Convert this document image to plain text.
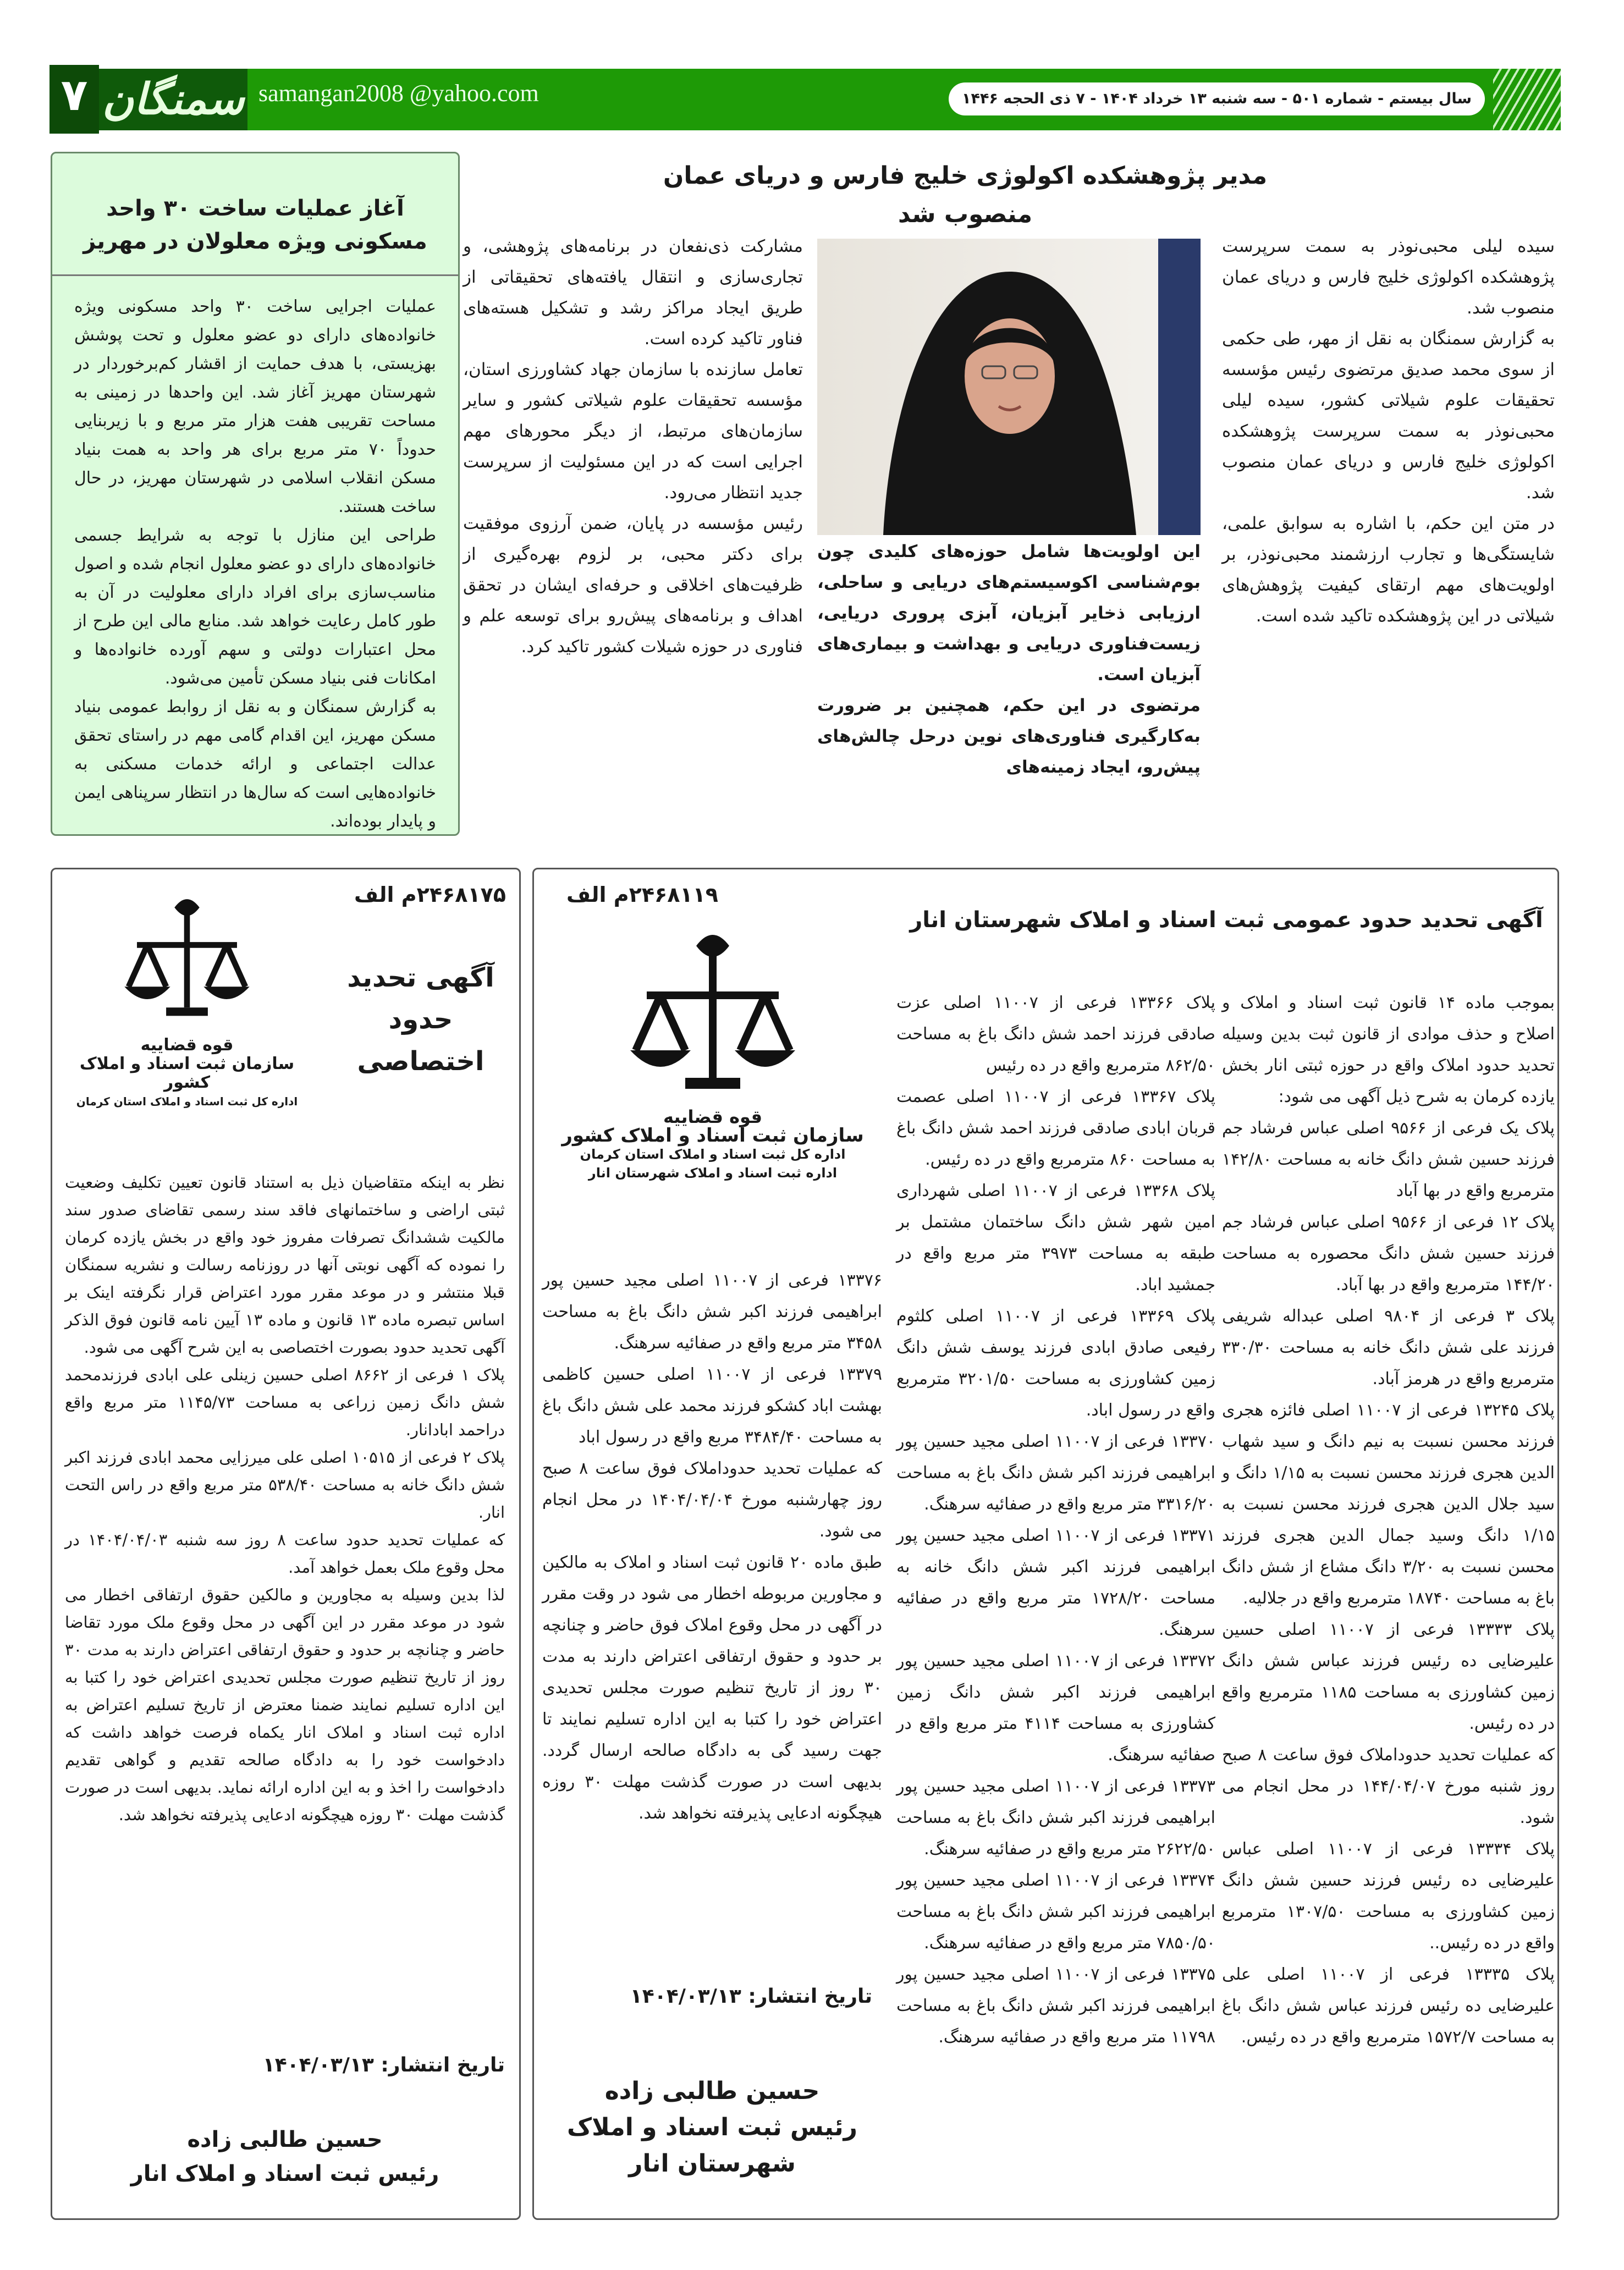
۷ سمنگان samangan2008 @yahoo.com	سال بیستم - شماره ۵۰۱ - سه شنبه ۱۳ خرداد ۱۴۰۴ - ۷ ذی الحجه ۱۴۴۶
مدیر پژوهشکده اکولوژی خلیج فارس و دریای عمان منصوب شد

سیده لیلی محبی‌نوذر به سمت سرپرست پژوهشکده اکولوژی خلیج فارس و دریای عمان منصوب شد.

به گزارش سمنگان به نقل از مهر، طی حکمی از سوی محمد صدیق مرتضوی رئیس مؤسسه تحقیقات علوم شیلاتی کشور، سیده لیلی محبی‌نوذر به سمت سرپرست پژوهشکده اکولوژی خلیج فارس و دریای عمان منصوب شد.

در متن این حکم، با اشاره به سوابق علمی، شایستگی‌ها و تجارب ارزشمند محبی‌نوذر، بر اولویت‌های مهم ارتقای کیفیت پژوهش‌های شیلاتی در این پژوهشکده تاکید شده است.

این اولویت‌ها شامل حوزه‌های کلیدی چون بوم‌شناسی اکوسیستم‌های دریایی و ساحلی، ارزیابی ذخایر آبزیان، آبزی پروری دریایی، زیست‌فناوری دریایی و بهداشت و بیماری‌های آبزیان است.

مرتضوی در این حکم، همچنین بر ضرورت به‌کارگیری فناوری‌های نوین درحل چالش‌های پیش‌رو، ایجاد زمینه‌های

مشارکت ذی‌نفعان در برنامه‌های پژوهشی، و تجاری‌سازی و انتقال یافته‌های تحقیقاتی از طریق ایجاد مراکز رشد و تشکیل هسته‌های فناور تاکید کرده است.

تعامل سازنده با سازمان جهاد کشاورزی استان، مؤسسه تحقیقات علوم شیلاتی کشور و سایر سازمان‌های مرتبط، از دیگر محورهای مهم اجرایی است که در این مسئولیت از سرپرست جدید انتظار می‌رود.

رئیس مؤسسه در پایان، ضمن آرزوی موفقیت برای دکتر محبی، بر لزوم بهره‌گیری از ظرفیت‌های اخلاقی و حرفه‌ای ایشان در تحقق اهداف و برنامه‌های پیش‌رو برای توسعه علم و فناوری در حوزه شیلات کشور تاکید کرد.

آغاز عملیات ساخت ۳۰ واحد مسکونی ویژه معلولان در مهریز

عملیات اجرایی ساخت ۳۰ واحد مسکونی ویژه خانواده‌های دارای دو عضو معلول و تحت پوشش بهزیستی، با هدف حمایت از اقشار کم‌برخوردار در شهرستان مهریز آغاز شد. این واحدها در زمینی به مساحت تقریبی هفت هزار متر مربع و با زیربنایی حدوداً ۷۰ متر مربع برای هر واحد به همت بنیاد مسکن انقلاب اسلامی در شهرستان مهریز، در حال ساخت هستند.

طراحی این منازل با توجه به شرایط جسمی خانواده‌های دارای دو عضو معلول انجام شده و اصول مناسب‌سازی برای افراد دارای معلولیت در آن به طور کامل رعایت خواهد شد. منابع مالی این طرح از محل اعتبارات دولتی و سهم آورده خانواده‌ها و امکانات فنی بنیاد مسکن تأمین می‌شود.

به گزارش سمنگان و به نقل از روابط عمومی بنیاد مسکن مهریز، این اقدام گامی مهم در راستای تحقق عدالت اجتماعی و ارائه خدمات مسکنی به خانواده‌هایی است که سال‌ها در انتظار سرپناهی ایمن و پایدار بوده‌اند.

آگهی تحدید حدود عمومی ثبت اسناد و املاک شهرستان انار
۲۴۶۸۱۱۹م الف
قوه قضاییه
سازمان ثبت اسناد و املاک کشور
اداره کل ثبت اسناد و املاک استان کرمان
اداره ثبت اسناد و املاک شهرستان انار

بموجب ماده ۱۴ قانون ثبت اسناد و املاک و اصلاح و حذف موادی از قانون ثبت بدین وسیله تحدید حدود املاک واقع در حوزه ثبتی انار بخش یازده کرمان به شرح ذیل آگهی می شود:

پلاک یک فرعی از ۹۵۶۶ اصلی عباس فرشاد جم فرزند حسین شش دانگ خانه به مساحت ۱۴۲/۸۰ مترمربع واقع در بها آباد

پلاک ۱۲ فرعی از ۹۵۶۶ اصلی عباس فرشاد جم فرزند حسین شش دانگ محصوره به مساحت ۱۴۴/۲۰ مترمربع واقع در بها آباد.

پلاک ۳ فرعی از ۹۸۰۴ اصلی عبداله شریفی فرزند علی شش دانگ خانه به مساحت ۳۳۰/۳۰ مترمربع واقع در هرمز آباد.

پلاک ۱۳۲۴۵ فرعی از ۱۱۰۰۷ اصلی فائزه هجری فرزند محسن نسبت به نیم دانگ و سید شهاب الدین هجری فرزند محسن نسبت به ۱/۱۵ دانگ و سید جلال الدین هجری فرزند محسن نسبت به ۱/۱۵ دانگ وسید جمال الدین هجری فرزند محسن نسبت به ۳/۲۰ دانگ مشاع از شش دانگ باغ به مساحت ۱۸۷۴۰ مترمربع واقع در جلالیه.

پلاک ۱۳۳۳۳ فرعی از ۱۱۰۰۷ اصلی حسین علیرضایی ده رئیس فرزند عباس شش دانگ زمین کشاورزی به مساحت ۱۱۸۵ مترمربع واقع در ده رئیس.

که عملیات تحدید حدوداملاک فوق ساعت ۸ صبح روز شنبه مورخ ۱۴۴/۰۴/۰۷ در محل انجام می شود.

پلاک ۱۳۳۳۴ فرعی از ۱۱۰۰۷ اصلی عباس علیرضایی ده رئیس فرزند حسین شش دانگ زمین کشاورزی به مساحت ۱۳۰۷/۵۰ مترمربع واقع در ده رئیس..

پلاک ۱۳۳۳۵ فرعی از ۱۱۰۰۷ اصلی علی علیرضایی ده رئیس فرزند عباس شش دانگ باغ به مساحت ۱۵۷۲/۷ مترمربع واقع در ده رئیس.

پلاک ۱۳۳۶۶ فرعی از ۱۱۰۰۷ اصلی عزت صادقی فرزند احمد شش دانگ باغ به مساحت ۸۶۲/۵۰ مترمربع واقع در ده رئیس

پلاک ۱۳۳۶۷ فرعی از ۱۱۰۰۷ اصلی عصمت قربان ابادی صادقی فرزند احمد شش دانگ باغ به مساحت ۸۶۰ مترمربع واقع در ده رئیس.

پلاک ۱۳۳۶۸ فرعی از ۱۱۰۰۷ اصلی شهرداری امین شهر شش دانگ ساختمان مشتمل بر طبقه به مساحت ۳۹۷۳ متر مربع واقع در جمشید اباد.

پلاک ۱۳۳۶۹ فرعی از ۱۱۰۰۷ اصلی کلثوم رفیعی صادق ابادی فرزند یوسف شش دانگ زمین کشاورزی به مساحت ۳۲۰۱/۵۰ مترمربع واقع در رسول اباد.

۱۳۳۷۰ فرعی از ۱۱۰۰۷ اصلی مجید حسین پور ابراهیمی فرزند اکبر شش دانگ باغ به مساحت ۳۳۱۶/۲۰ متر مربع واقع در صفائیه سرهنگ.

۱۳۳۷۱ فرعی از ۱۱۰۰۷ اصلی مجید حسین پور ابراهیمی فرزند اکبر شش دانگ خانه به مساحت ۱۷۲۸/۲۰ متر مربع واقع در صفائیه سرهنگ.

۱۳۳۷۲ فرعی از ۱۱۰۰۷ اصلی مجید حسین پور ابراهیمی فرزند اکبر شش دانگ زمین کشاورزی به مساحت ۴۱۱۴ متر مربع واقع در صفائیه سرهنگ.

۱۳۳۷۳ فرعی از ۱۱۰۰۷ اصلی مجید حسین پور ابراهیمی فرزند اکبر شش دانگ باغ به مساحت ۲۶۲۲/۵۰ متر مربع واقع در صفائیه سرهنگ.

۱۳۳۷۴ فرعی از ۱۱۰۰۷ اصلی مجید حسین پور ابراهیمی فرزند اکبر شش دانگ باغ به مساحت ۷۸۵۰/۵۰ متر مربع واقع در صفائیه سرهنگ.

۱۳۳۷۵ فرعی از ۱۱۰۰۷ اصلی مجید حسین پور ابراهیمی فرزند اکبر شش دانگ باغ به مساحت ۱۱۷۹۸ متر مربع واقع در صفائیه سرهنگ.

۱۳۳۷۶ فرعی از ۱۱۰۰۷ اصلی مجید حسین پور ابراهیمی فرزند اکبر شش دانگ باغ به مساحت ۳۴۵۸ متر مربع واقع در صفائیه سرهنگ.

۱۳۳۷۹ فرعی از ۱۱۰۰۷ اصلی حسین کاظمی بهشت اباد کشکو فرزند محمد علی شش دانگ باغ به مساحت ۳۴۸۴/۴۰ مربع واقع در رسول اباد

که عملیات تحدید حدوداملاک فوق ساعت ۸ صبح روز چهارشنبه مورخ ۱۴۰۴/۰۴/۰۴ در محل انجام می شود.

طبق ماده ۲۰ قانون ثبت اسناد و املاک به مالکین و مجاورین مربوطه اخطار می شود در وقت مقرر در آگهی در محل وقوع املاک فوق حاضر و چنانچه بر حدود و حقوق ارتفاقی اعتراض دارند به مدت ۳۰ روز از تاریخ تنظیم صورت مجلس تحدیدی اعتراض خود را کتبا به این اداره تسلیم نمایند تا جهت رسید گی به دادگاه صالحه ارسال گردد. بدیهی است در صورت گذشت مهلت ۳۰ روزه هیچگونه ادعایی پذیرفته نخواهد شد.

تاریخ انتشار: ۱۴۰۴/۰۳/۱۳
حسین طالبی زاده
رئیس ثبت اسناد و املاک شهرستان انار
۲۴۶۸۱۷۵م الف
آگهی تحدید حدود اختصاصی
قوه قضاییه
سازمان ثبت اسناد و املاک کشور
اداره کل ثبت اسناد و املاک استان کرمان

نظر به اینکه متقاضیان ذیل به استناد قانون تعیین تکلیف وضعیت ثبتی اراضی و ساختمانهای فاقد سند رسمی تقاضای صدور سند مالکیت ششدانگ تصرفات مفروز خود واقع در بخش یازده کرمان را نموده که آگهی نوبتی آنها در روزنامه رسالت و نشریه سمنگان قبلا منتشر و در موعد مقرر مورد اعتراض قرار نگرفته اینک بر اساس تبصره ماده ۱۳ قانون و ماده ۱۳ آیین نامه قانون فوق الذکر آگهی تحدید حدود بصورت اختصاصی به این شرح آگهی می شود.

پلاک ۱ فرعی از ۸۶۶۲ اصلی حسین زینلی علی ابادی فرزندمحمد شش دانگ زمین زراعی به مساحت ۱۱۴۵/۷۳ متر مربع واقع دراحمد ابادانار.

پلاک ۲ فرعی از ۱۰۵۱۵ اصلی علی میرزایی محمد ابادی فرزند اکبر شش دانگ خانه به مساحت ۵۳۸/۴۰ متر مربع واقع در راس التحت انار.

که عملیات تحدید حدود ساعت ۸ روز سه شنبه ۱۴۰۴/۰۴/۰۳ در محل وقوع ملک بعمل خواهد آمد.

لذا بدین وسیله به مجاورین و مالکین حقوق ارتفاقی اخطار می شود در موعد مقرر در این آگهی در محل وقوع ملک مورد تقاضا حاضر و چنانچه بر حدود و حقوق ارتفاقی اعتراض دارند به مدت ۳۰ روز از تاریخ تنظیم صورت مجلس تحدیدی اعتراض خود را کتبا به این اداره تسلیم نمایند ضمنا معترض از تاریخ تسلیم اعتراض به اداره ثبت اسناد و املاک انار یکماه فرصت خواهد داشت که دادخواست خود را به دادگاه صالحه تقدیم و گواهی تقدیم دادخواست را اخذ و به این اداره ارائه نماید. بدیهی است در صورت گذشت مهلت ۳۰ روزه هیچگونه ادعایی پذیرفته نخواهد شد.

تاریخ انتشار: ۱۴۰۴/۰۳/۱۳
حسین طالبی زاده
رئیس ثبت اسناد و املاک انار
